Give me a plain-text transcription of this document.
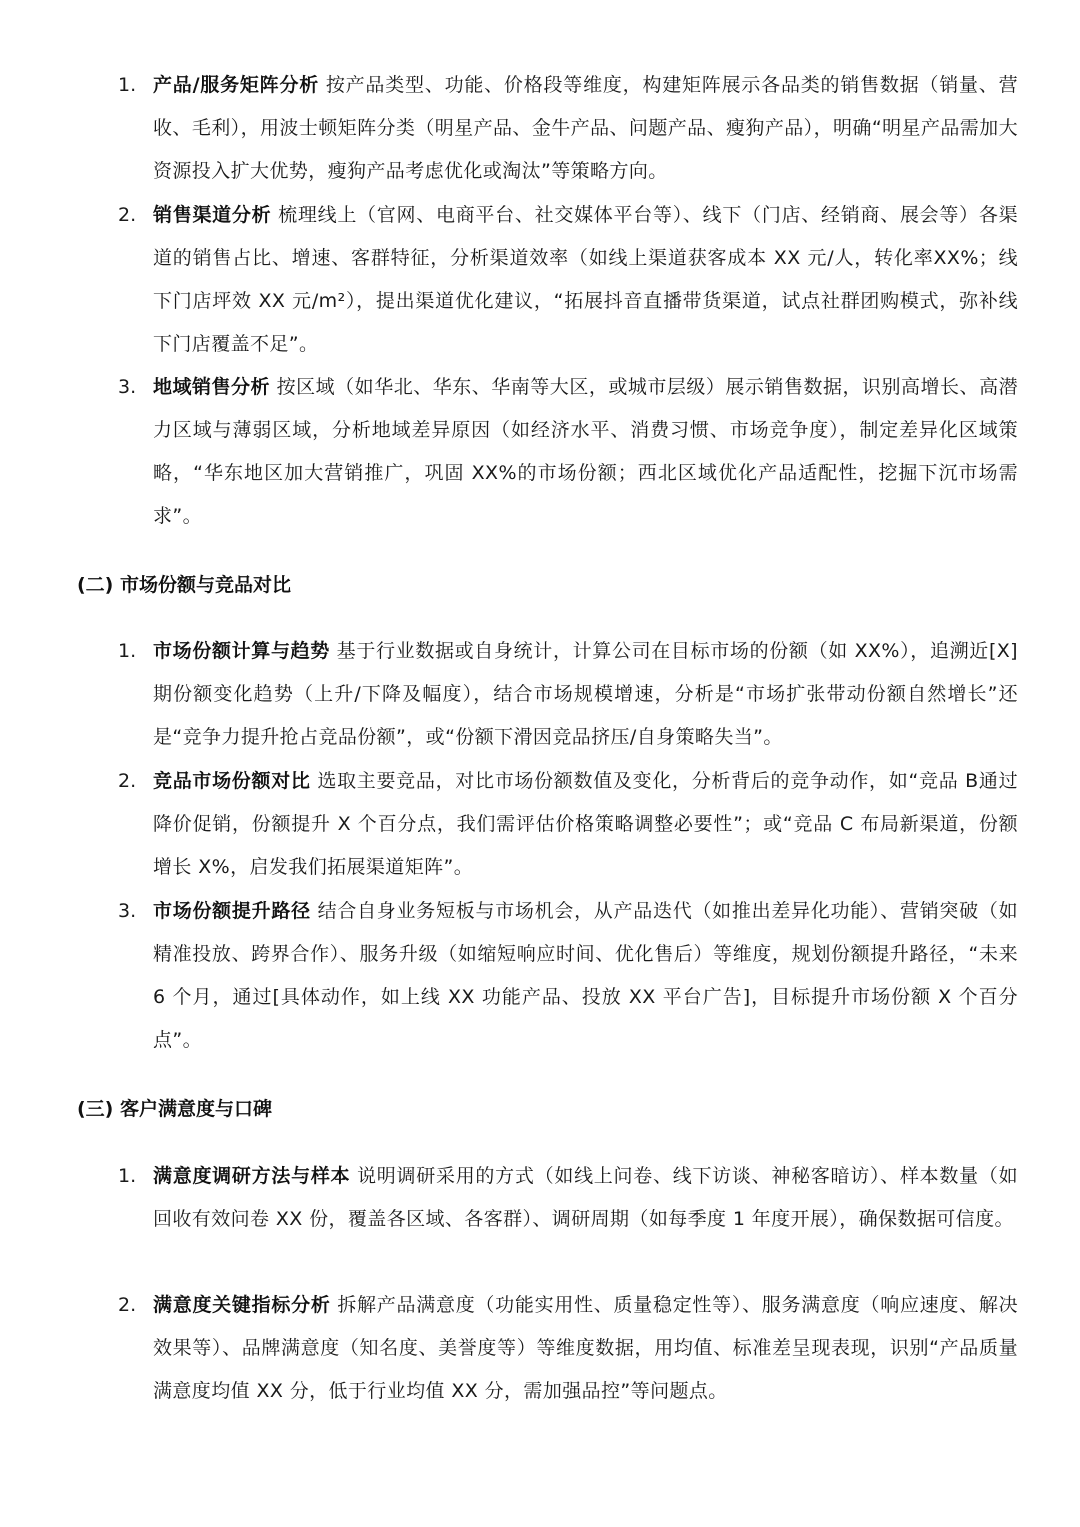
1. 产品/服务矩阵分析 按产品类型、功能、价格段等维度，构建矩阵展示各品类的销售数据（销量、营收、毛利），用波士顿矩阵分类（明星产品、金牛产品、问题产品、瘦狗产品），明确“明星产品需加大资源投入扩大优势，瘦狗产品考虑优化或淘汰”等策略方向。
2. 销售渠道分析 梳理线上（官网、电商平台、社交媒体平台等）、线下（门店、经销商、展会等）各渠道的销售占比、增速、客群特征，分析渠道效率（如线上渠道获客成本 XX 元/人，转化率XX%；线下门店坪效 XX 元/m²），提出渠道优化建议，“拓展抖音直播带货渠道，试点社群团购模式，弥补线下门店覆盖不足”。
3. 地域销售分析 按区域（如华北、华东、华南等大区，或城市层级）展示销售数据，识别高增长、高潜力区域与薄弱区域，分析地域差异原因（如经济水平、消费习惯、市场竞争度），制定差异化区域策略，“华东地区加大营销推广，巩固 XX%的市场份额；西北区域优化产品适配性，挖掘下沉市场需求”。
(二) 市场份额与竞品对比
1. 市场份额计算与趋势 基于行业数据或自身统计，计算公司在目标市场的份额（如 XX%），追溯近[X]期份额变化趋势（上升/下降及幅度），结合市场规模增速，分析是“市场扩张带动份额自然增长”还是“竞争力提升抢占竞品份额”，或“份额下滑因竞品挤压/自身策略失当”。
2. 竞品市场份额对比 选取主要竞品，对比市场份额数值及变化，分析背后的竞争动作，如“竞品 B通过降价促销，份额提升 X 个百分点，我们需评估价格策略调整必要性”；或“竞品 C 布局新渠道，份额增长 X%，启发我们拓展渠道矩阵”。
3. 市场份额提升路径 结合自身业务短板与市场机会，从产品迭代（如推出差异化功能）、营销突破（如精准投放、跨界合作）、服务升级（如缩短响应时间、优化售后）等维度，规划份额提升路径，“未来 6 个月，通过[具体动作，如上线 XX 功能产品、投放 XX 平台广告]，目标提升市场份额 X 个百分点”。
(三) 客户满意度与口碑
1. 满意度调研方法与样本 说明调研采用的方式（如线上问卷、线下访谈、神秘客暗访）、样本数量（如回收有效问卷 XX 份，覆盖各区域、各客群）、调研周期（如每季度 1 年度开展），确保数据可信度。
2. 满意度关键指标分析 拆解产品满意度（功能实用性、质量稳定性等）、服务满意度（响应速度、解决效果等）、品牌满意度（知名度、美誉度等）等维度数据，用均值、标准差呈现表现，识别“产品质量满意度均值 XX 分，低于行业均值 XX 分，需加强品控”等问题点。
